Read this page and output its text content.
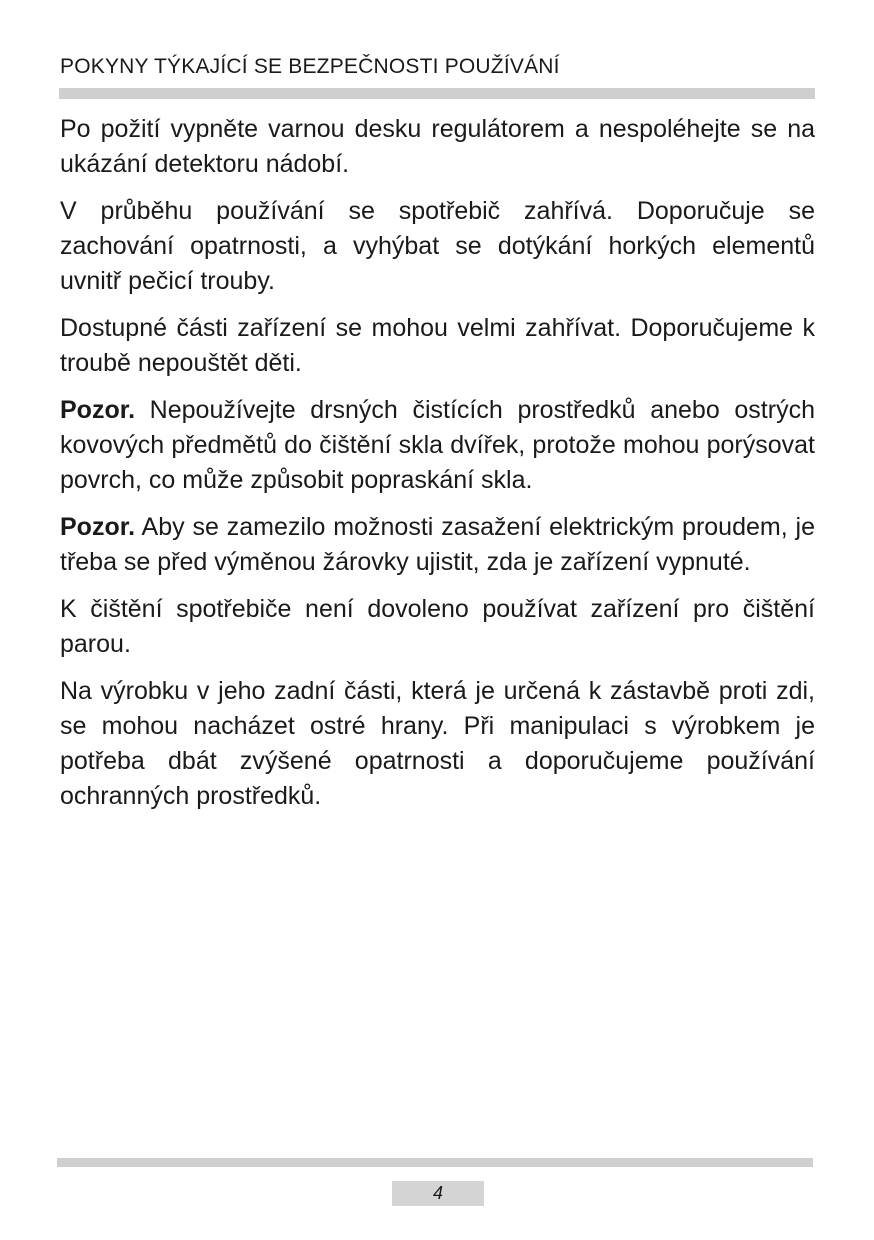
POKYNY TÝKAJÍCÍ SE BEZPEČNOSTI POUŽÍVÁNÍ

Po požití vypněte varnou desku regulátorem a nespoléhejte se na ukázání detektoru nádobí.

V průběhu používání se spotřebič zahřívá. Doporučuje se zachování opatrnosti, a vyhýbat se dotýkání horkých elementů uvnitř pečicí trouby.

Dostupné části zařízení se mohou velmi zahřívat. Doporučujeme k troubě nepouštět děti.

Pozor. Nepoužívejte drsných čistících prostředků anebo ostrých kovových předmětů do čištění skla dvířek, protože mohou porýsovat povrch, co může způsobit popraskání skla.

Pozor. Aby se zamezilo možnosti zasažení elektrickým proudem, je třeba se před výměnou žárovky ujistit, zda je zařízení vypnuté.

K čištění spotřebiče není dovoleno používat zařízení pro čištění parou.

Na výrobku v jeho zadní části, která je určená k zástavbě proti zdi, se mohou nacházet ostré hrany. Při manipulaci s výrobkem je potřeba dbát zvýšené opatrnosti a doporučujeme používání ochranných prostředků.

4
